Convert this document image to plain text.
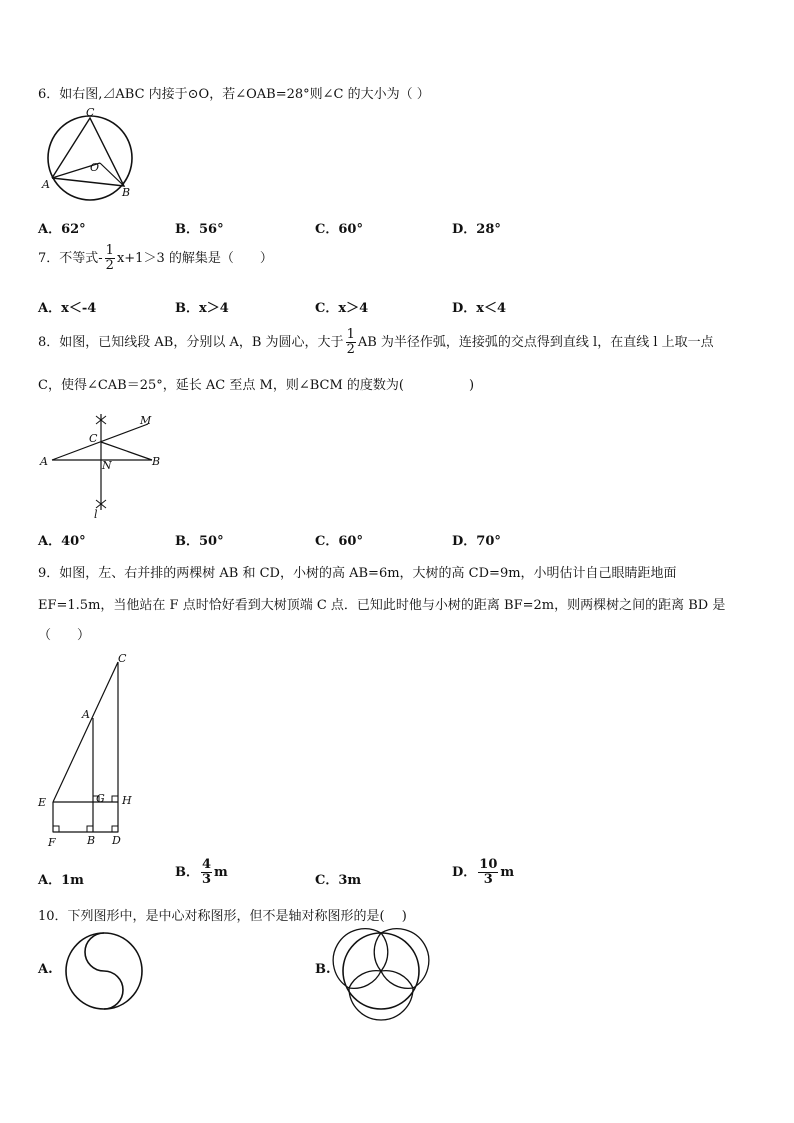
6．如右图,⊿ABC 内接于⊙O，若∠OAB=28°则∠C 的大小为（ ）
C
O
A
B
A．62°	B．56°	C．60°	D．28°
7．不等式- $\frac{1}{2} x+1>3$ 的解集是（　　）
A．x＜-4	B．x＞4	C．x＞4	D．x＜4
8．如图，已知线段 AB，分别以 A，B 为圆心，大于 $\frac{1}{2}$ AB 为半径作弧，连接弧的交点得到直线 l，在直线 l 上取一点
C，使得∠CAB＝25°，延长 AC 至点 M，则∠BCM 的度数为(　　　　　)
M
C
A	N	B
l
A．40°	B．50°	C．60°	D．70°
9．如图，左、右并排的两棵树 AB 和 CD，小树的高 AB=6m，大树的高 CD=9m，小明估计自己眼睛距地面
EF=1.5m，当他站在 F 点时恰好看到大树顶端 C 点．已知此时他与小树的距离 BF=2m，则两棵树之间的距离 BD 是
（　　）
C
A
E	G H
F	B D
A．1m
B． $\frac{4}{3}$ m
C．3m
D． $\frac{10}{3}$ m
10．下列图形中，是中心对称图形，但不是轴对称图形的是(　 )
A.	B.
